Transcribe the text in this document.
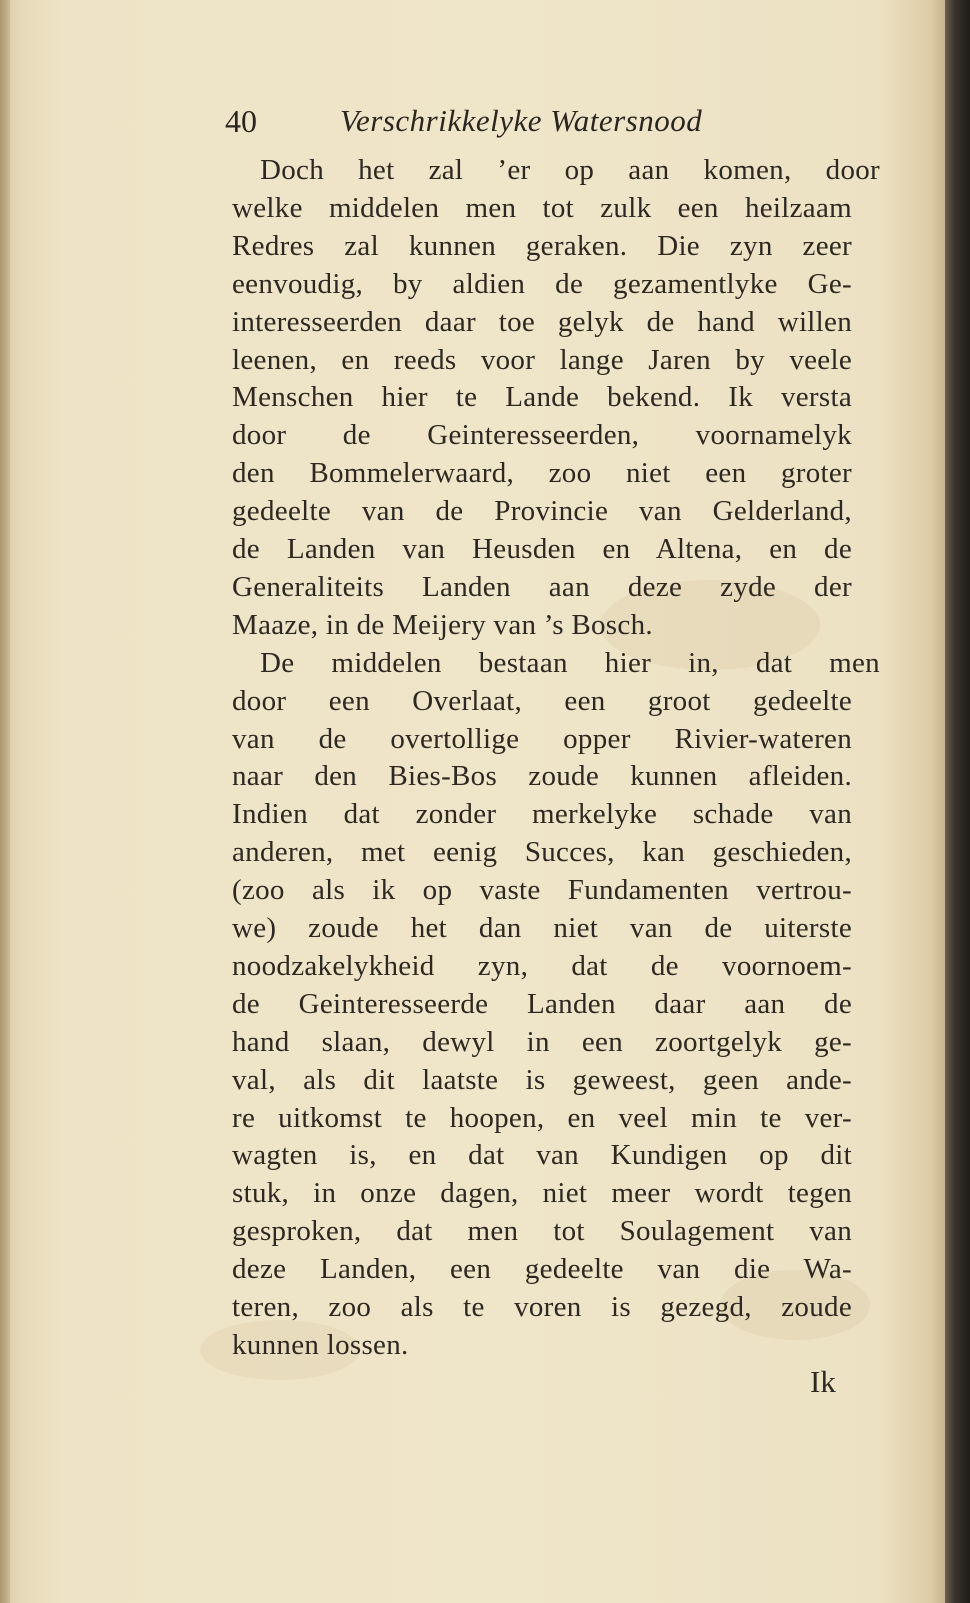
40	Verschrikkelyke Watersnood
Doch het zal ’er op aan komen, door
welke middelen men tot zulk een heilzaam
Redres zal kunnen geraken. Die zyn zeer
eenvoudig, by aldien de gezamentlyke Ge-
interesseerden daar toe gelyk de hand willen
leenen, en reeds voor lange Jaren by veele
Menschen hier te Lande bekend. Ik versta
door de Geinteresseerden, voornamelyk
den Bommelerwaard, zoo niet een groter
gedeelte van de Provincie van Gelderland,
de Landen van Heusden en Altena, en de
Generaliteits Landen aan deze zyde der
Maaze, in de Meijery van ’s Bosch.
De middelen bestaan hier in, dat men
door een Overlaat, een groot gedeelte
van de overtollige opper Rivier-wateren
naar den Bies-Bos zoude kunnen afleiden.
Indien dat zonder merkelyke schade van
anderen, met eenig Succes, kan geschieden,
(zoo als ik op vaste Fundamenten vertrou-
we) zoude het dan niet van de uiterste
noodzakelykheid zyn, dat de voornoem-
de Geinteresseerde Landen daar aan de
hand slaan, dewyl in een zoortgelyk ge-
val, als dit laatste is geweest, geen ande-
re uitkomst te hoopen, en veel min te ver-
wagten is, en dat van Kundigen op dit
stuk, in onze dagen, niet meer wordt tegen
gesproken, dat men tot Soulagement van
deze Landen, een gedeelte van die Wa-
teren, zoo als te voren is gezegd, zoude
kunnen lossen.
Ik
